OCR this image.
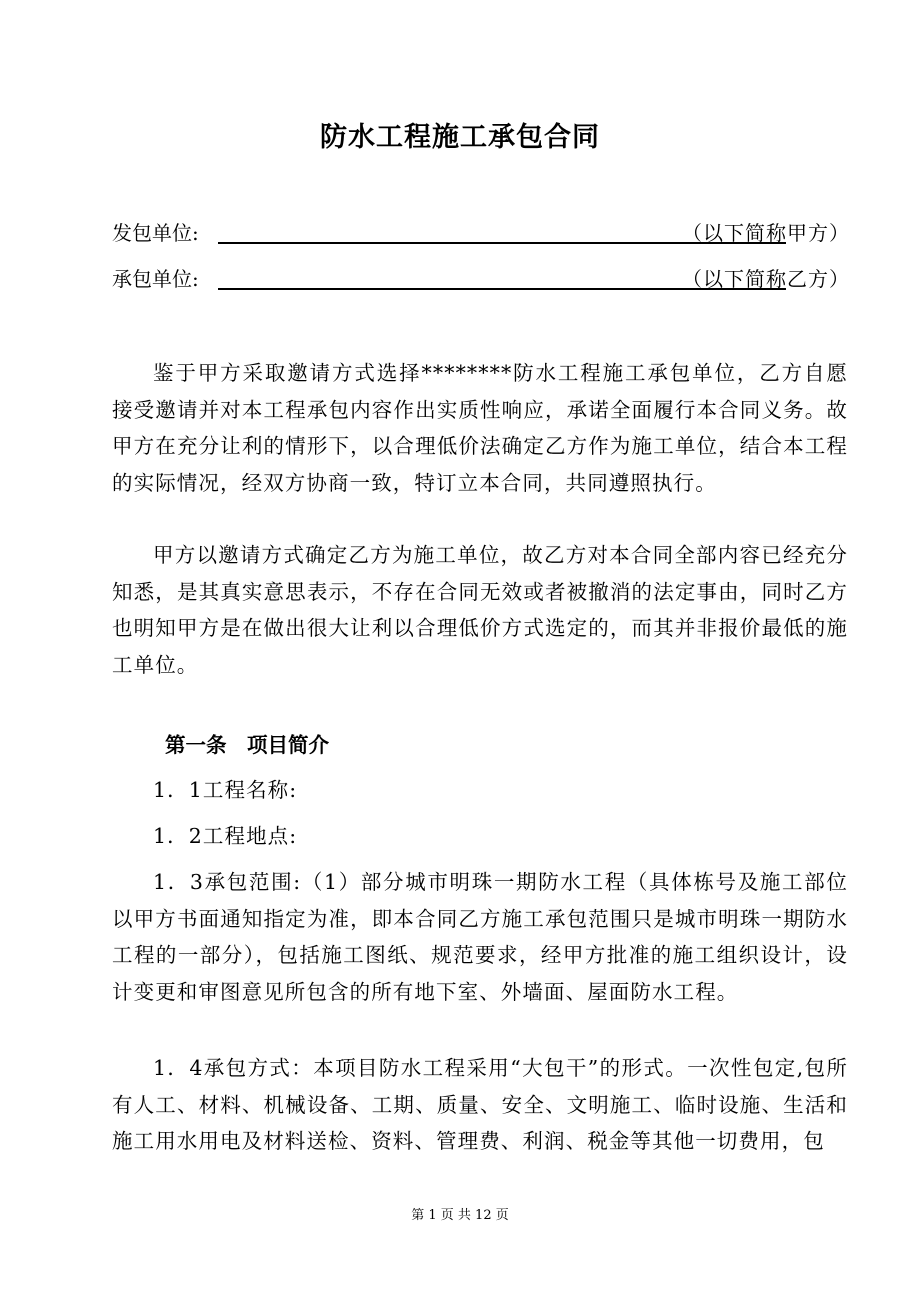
防水工程施工承包合同
发包单位:	（以下简称甲方）
承包单位:	（以下简称乙方）

鉴于甲方采取邀请方式选择********防水工程施工承包单位，乙方自愿接受邀请并对本工程承包内容作出实质性响应，承诺全面履行本合同义务。故甲方在充分让利的情形下，以合理低价法确定乙方作为施工单位，结合本工程的实际情况，经双方协商一致，特订立本合同，共同遵照执行。

甲方以邀请方式确定乙方为施工单位，故乙方对本合同全部内容已经充分知悉，是其真实意思表示，不存在合同无效或者被撤消的法定事由，同时乙方也明知甲方是在做出很大让利以合理低价方式选定的，而其并非报价最低的施工单位。

第一条　项目简介
1．1工程名称:
1．2工程地点:

1．3承包范围:（1）部分城市明珠一期防水工程（具体栋号及施工部位以甲方书面通知指定为准，即本合同乙方施工承包范围只是城市明珠一期防水工程的一部分），包括施工图纸、规范要求，经甲方批准的施工组织设计，设计变更和审图意见所包含的所有地下室、外墙面、屋面防水工程。

1．4承包方式：本项目防水工程采用“大包干”的形式。一次性包定,包所有人工、材料、机械设备、工期、质量、安全、文明施工、临时设施、生活和施工用水用电及材料送检、资料、管理费、利润、税金等其他一切费用，包

第 1 页 共 12 页
